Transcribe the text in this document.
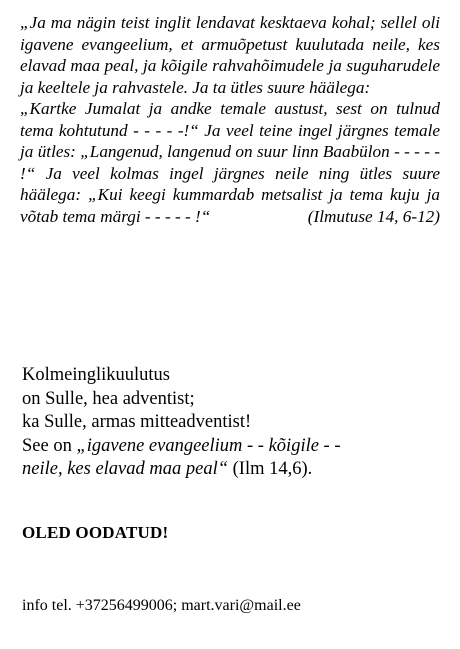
„Ja ma nägin teist inglit lendavat kesktaeva kohal; sellel oli igavene evangeelium, et armuõpetust kuulutada neile, kes elavad maa peal, ja kõigile rahvahõimudele ja suguharudele ja keeltele ja rahvastele. Ja ta ütles suure häälega:

„Kartke Jumalat ja andke temale austust, sest on tulnud tema kohtutund - - - - -!“ Ja veel teine ingel järgnes temale ja ütles: „Langenud, langenud on suur linn Baabülon - - - - - !“ Ja veel kolmas ingel järgnes neile ning ütles suure häälega: „Kui keegi kummardab metsalist ja tema kuju ja võtab tema märgi - - - - - !“	(Ilmutuse 14, 6-12)

Kolmeinglikuulutus
on Sulle, hea adventist;
ka Sulle, armas mitteadventist!
See on „igavene evangeelium - - kõigile - -
neile, kes elavad maa peal“ (Ilm 14,6).
OLED OODATUD!
info tel. +37256499006; mart.vari@mail.ee
